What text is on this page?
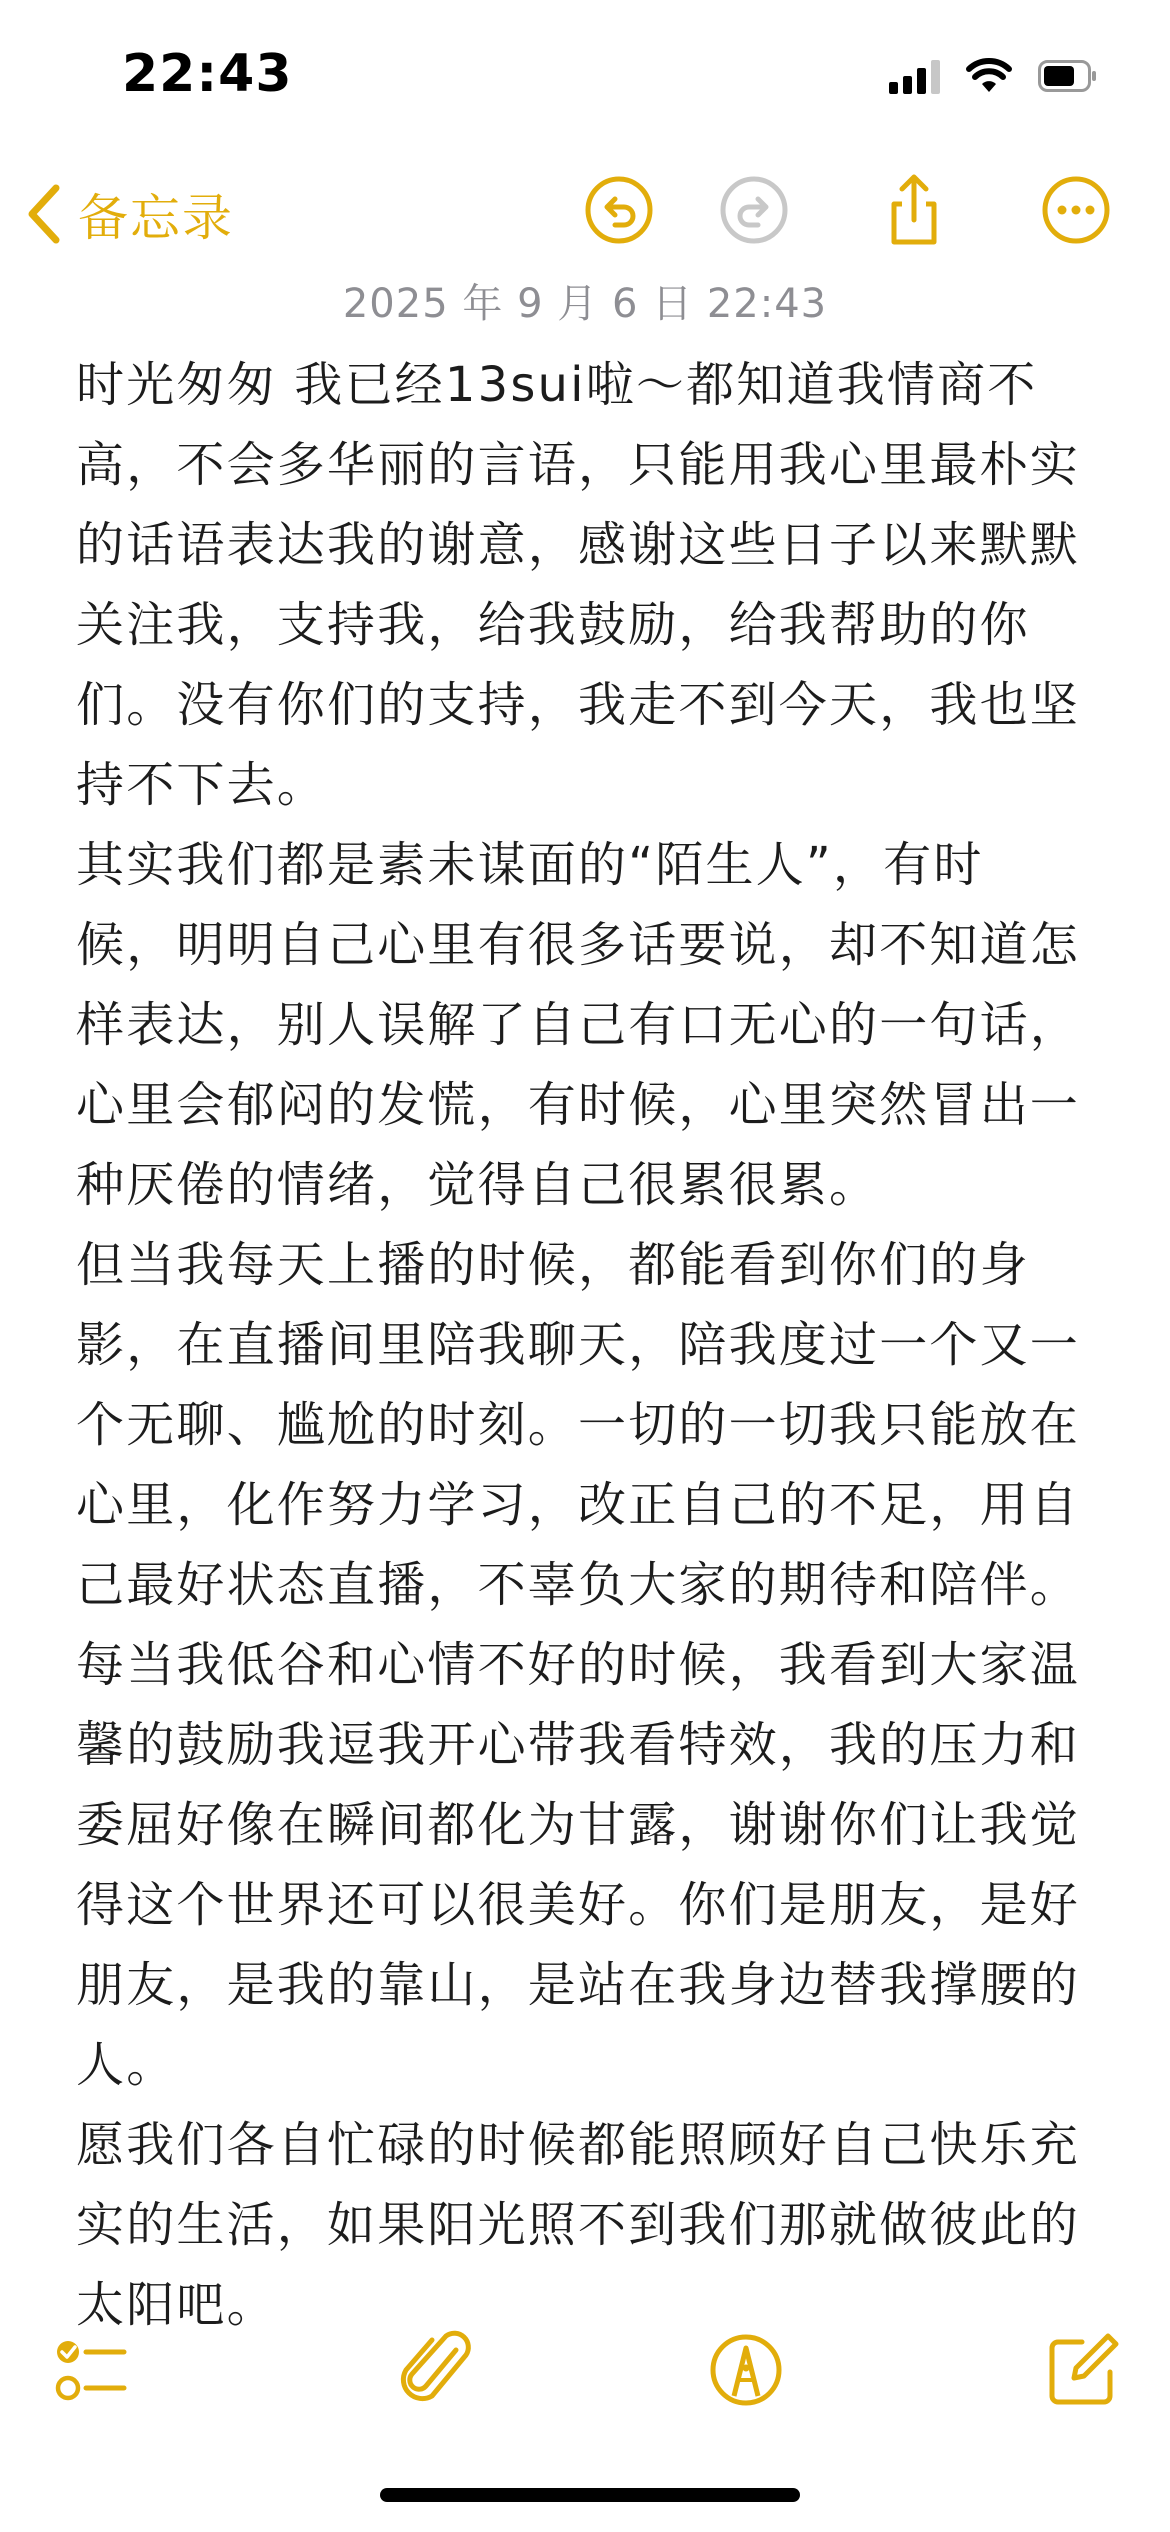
22:43
备忘录
2025 年 9 月 6 日 22:43

时光匆匆 我已经13sui啦～都知道我情商不

高，不会多华丽的言语，只能用我心里最朴实

的话语表达我的谢意，感谢这些日子以来默默

关注我，支持我，给我鼓励，给我帮助的你

们。没有你们的支持，我走不到今天，我也坚

持不下去。

其实我们都是素未谋面的“陌生人”，有时

候，明明自己心里有很多话要说，却不知道怎

样表达，别人误解了自己有口无心的一句话，

心里会郁闷的发慌，有时候，心里突然冒出一

种厌倦的情绪，觉得自己很累很累。

但当我每天上播的时候，都能看到你们的身

影，在直播间里陪我聊天，陪我度过一个又一

个无聊、尴尬的时刻。一切的一切我只能放在

心里，化作努力学习，改正自己的不足，用自

己最好状态直播，不辜负大家的期待和陪伴。

每当我低谷和心情不好的时候，我看到大家温

馨的鼓励我逗我开心带我看特效，我的压力和

委屈好像在瞬间都化为甘露，谢谢你们让我觉

得这个世界还可以很美好。你们是朋友，是好

朋友，是我的靠山，是站在我身边替我撑腰的

人。

愿我们各自忙碌的时候都能照顾好自己快乐充

实的生活，如果阳光照不到我们那就做彼此的

太阳吧。
